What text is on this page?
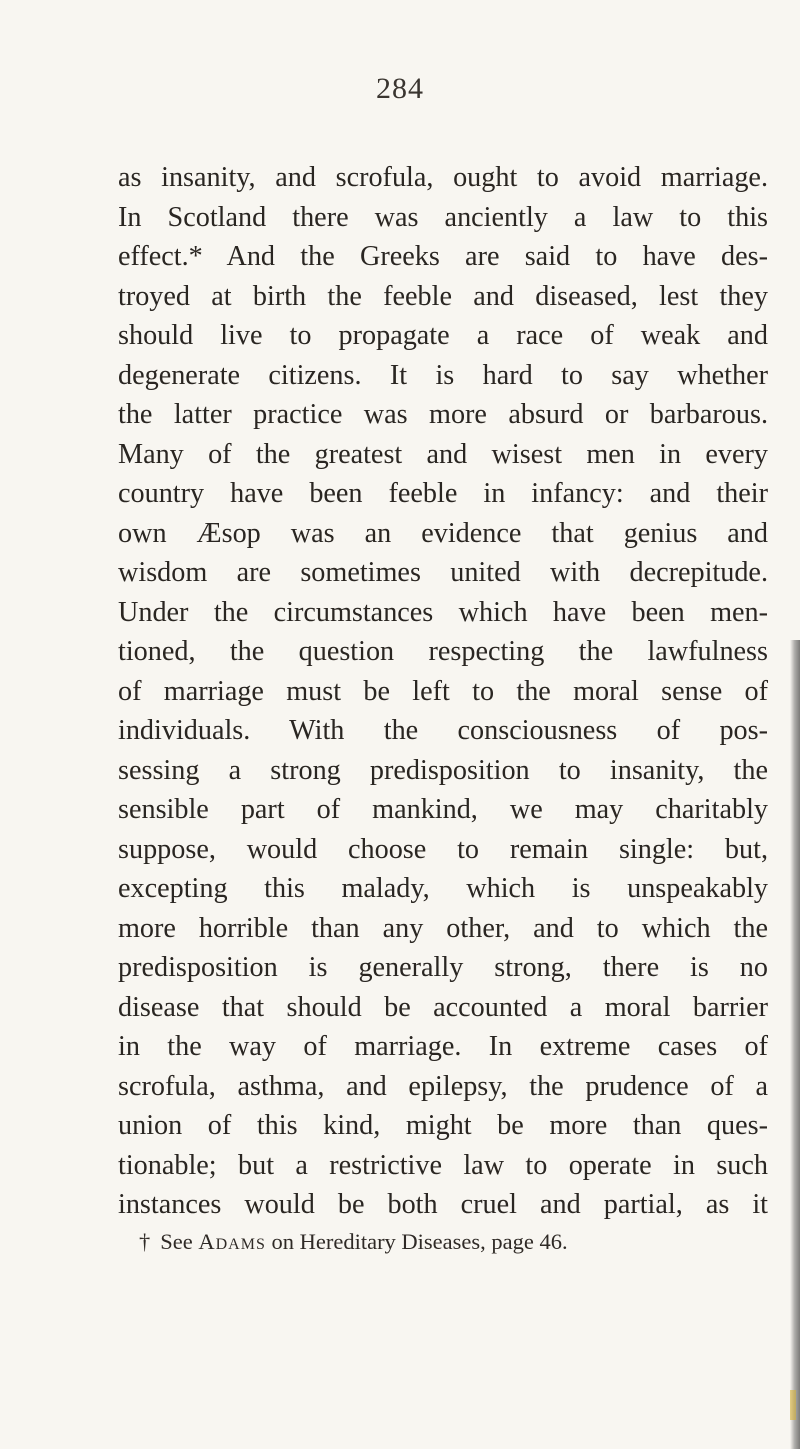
284
as insanity, and scrofula, ought to avoid marriage.
In Scotland there was anciently a law to this
effect.* And the Greeks are said to have des-
troyed at birth the feeble and diseased, lest they
should live to propagate a race of weak and
degenerate citizens. It is hard to say whether
the latter practice was more absurd or barbarous.
Many of the greatest and wisest men in every
country have been feeble in infancy: and their
own Æsop was an evidence that genius and
wisdom are sometimes united with decrepitude.
Under the circumstances which have been men-
tioned, the question respecting the lawfulness
of marriage must be left to the moral sense of
individuals. With the consciousness of pos-
sessing a strong predisposition to insanity, the
sensible part of mankind, we may charitably
suppose, would choose to remain single: but,
excepting this malady, which is unspeakably
more horrible than any other, and to which the
predisposition is generally strong, there is no
disease that should be accounted a moral barrier
in the way of marriage. In extreme cases of
scrofula, asthma, and epilepsy, the prudence of a
union of this kind, might be more than ques-
tionable; but a restrictive law to operate in such
instances would be both cruel and partial, as it
† See Adams on Hereditary Diseases, page 46.
